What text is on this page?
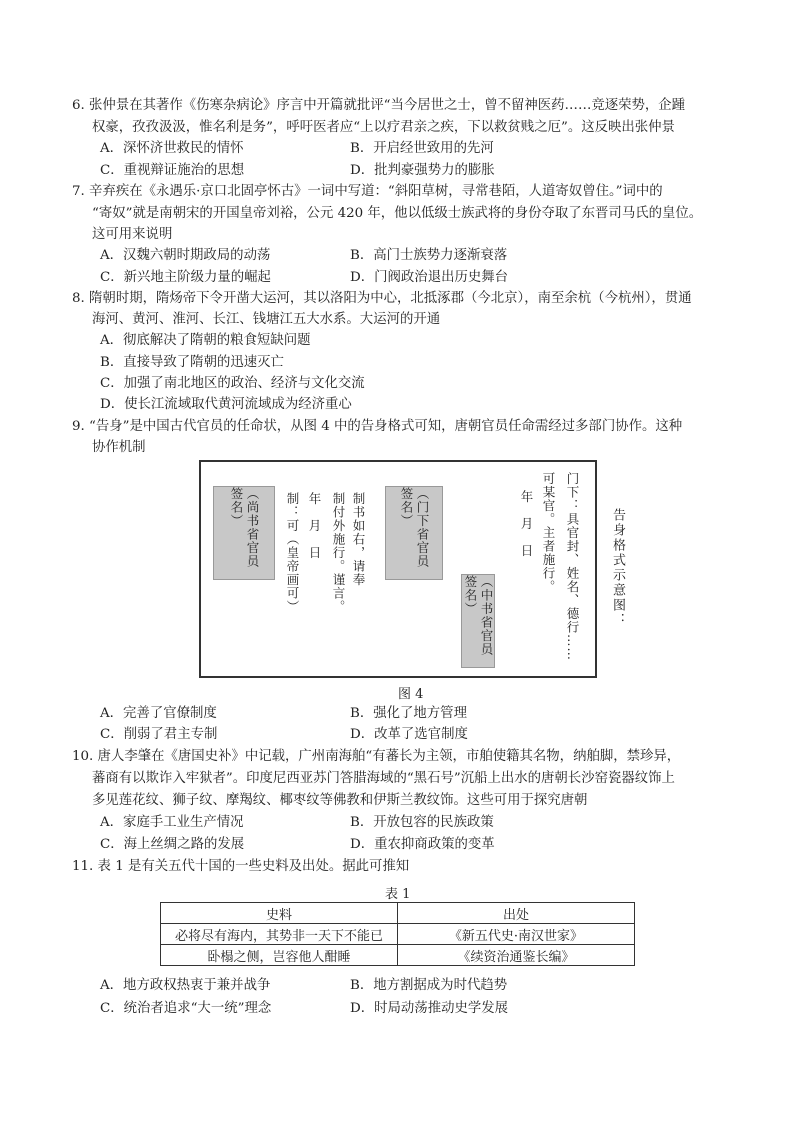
6. 张仲景在其著作《伤寒杂病论》序言中开篇就批评“当今居世之士，曾不留神医药……竞逐荣势，企踵
权豪，孜孜汲汲，惟名利是务”，呼吁医者应“上以疗君亲之疾，下以救贫贱之厄”。这反映出张仲景
A．深怀济世救民的情怀	B．开启经世致用的先河
C．重视辩证施治的思想	D．批判豪强势力的膨胀
7. 辛弃疾在《永遇乐·京口北固亭怀古》一词中写道：“斜阳草树，寻常巷陌，人道寄奴曾住。”词中的
“寄奴”就是南朝宋的开国皇帝刘裕，公元 420 年，他以低级士族武将的身份夺取了东晋司马氏的皇位。
这可用来说明
A．汉魏六朝时期政局的动荡	B．高门士族势力逐渐衰落
C．新兴地主阶级力量的崛起	D．门阀政治退出历史舞台
8. 隋朝时期，隋炀帝下令开凿大运河，其以洛阳为中心，北抵涿郡（今北京），南至余杭（今杭州），贯通
海河、黄河、淮河、长江、钱塘江五大水系。大运河的开通
A．彻底解决了隋朝的粮食短缺问题
B．直接导致了隋朝的迅速灭亡
C．加强了南北地区的政治、经济与文化交流
D．使长江流域取代黄河流域成为经济重心
9. “告身”是中国古代官员的任命状，从图 4 中的告身格式可知，唐朝官员任命需经过多部门协作。这种
协作机制
门下：具官封、姓名、德行……
可某官。主者施行。
年　月　日
（中书省官员签名）
（门下省官员签名）
制书如右，请奉
制付外施行。谨言。
年　月　日
制：可（皇帝画可）
（尚书省官员签名）
告身格式示意图：
图 4
A．完善了官僚制度	B．强化了地方管理
C．削弱了君主专制	D．改革了选官制度
10. 唐人李肇在《唐国史补》中记载，广州南海舶“有蕃长为主领，市舶使籍其名物，纳舶脚，禁珍异，
蕃商有以欺诈入牢狱者”。印度尼西亚苏门答腊海域的“黑石号”沉船上出水的唐朝长沙窑瓷器纹饰上
多见莲花纹、狮子纹、摩羯纹、椰枣纹等佛教和伊斯兰教纹饰。这些可用于探究唐朝
A．家庭手工业生产情况	B．开放包容的民族政策
C．海上丝绸之路的发展	D．重农抑商政策的变革
11. 表 1 是有关五代十国的一些史料及出处。据此可推知
表 1
史料	出处
必将尽有海内，其势非一天下不能已	《新五代史·南汉世家》
卧榻之侧，岂容他人酣睡	《续资治通鉴长编》
A．地方政权热衷于兼并战争	B．地方割据成为时代趋势
C．统治者追求“大一统”理念	D．时局动荡推动史学发展
